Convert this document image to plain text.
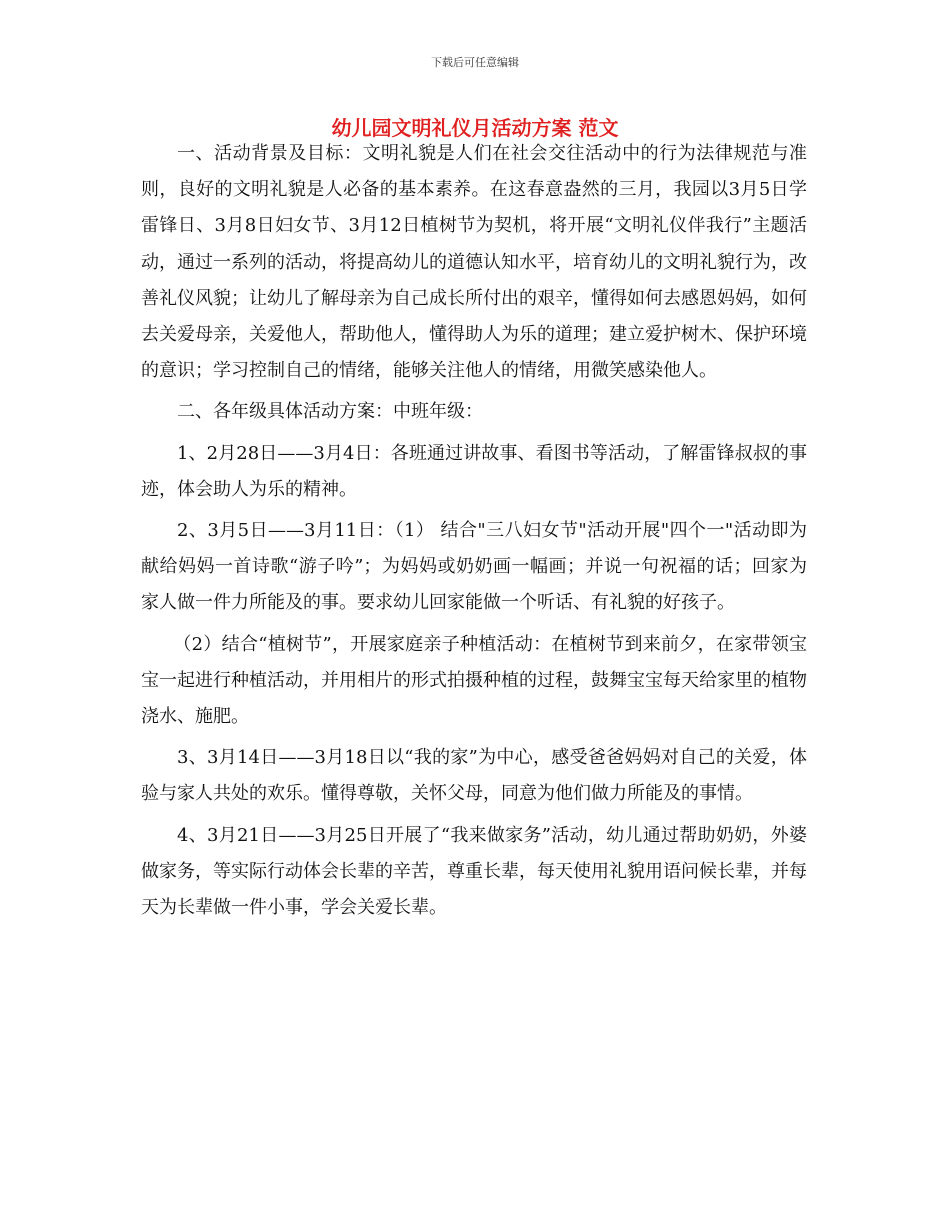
下载后可任意编辑
幼儿园文明礼仪月活动方案 范文

一、活动背景及目标：文明礼貌是人们在社会交往活动中的行为法律规范与准则，良好的文明礼貌是人必备的基本素养。在这春意盎然的三月，我园以3月5日学雷锋日、3月8日妇女节、3月12日植树节为契机，将开展“文明礼仪伴我行”主题活动，通过一系列的活动，将提高幼儿的道德认知水平，培育幼儿的文明礼貌行为，改善礼仪风貌；让幼儿了解母亲为自己成长所付出的艰辛，懂得如何去感恩妈妈，如何去关爱母亲，关爱他人，帮助他人，懂得助人为乐的道理；建立爱护树木、保护环境的意识；学习控制自己的情绪，能够关注他人的情绪，用微笑感染他人。

二、各年级具体活动方案：中班年级：

1、2月28日——3月4日：各班通过讲故事、看图书等活动，了解雷锋叔叔的事迹，体会助人为乐的精神。

2、3月5日——3月11日：（1） 结合"三八妇女节"活动开展"四个一"活动即为献给妈妈一首诗歌“游子吟”；为妈妈或奶奶画一幅画；并说一句祝福的话；回家为家人做一件力所能及的事。要求幼儿回家能做一个听话、有礼貌的好孩子。

（2）结合“植树节”，开展家庭亲子种植活动：在植树节到来前夕，在家带领宝宝一起进行种植活动，并用相片的形式拍摄种植的过程，鼓舞宝宝每天给家里的植物浇水、施肥。

3、3月14日——3月18日以“我的家”为中心，感受爸爸妈妈对自己的关爱，体验与家人共处的欢乐。懂得尊敬，关怀父母，同意为他们做力所能及的事情。

4、3月21日——3月25日开展了“我来做家务”活动，幼儿通过帮助奶奶，外婆做家务，等实际行动体会长辈的辛苦，尊重长辈，每天使用礼貌用语问候长辈，并每天为长辈做一件小事，学会关爱长辈。
